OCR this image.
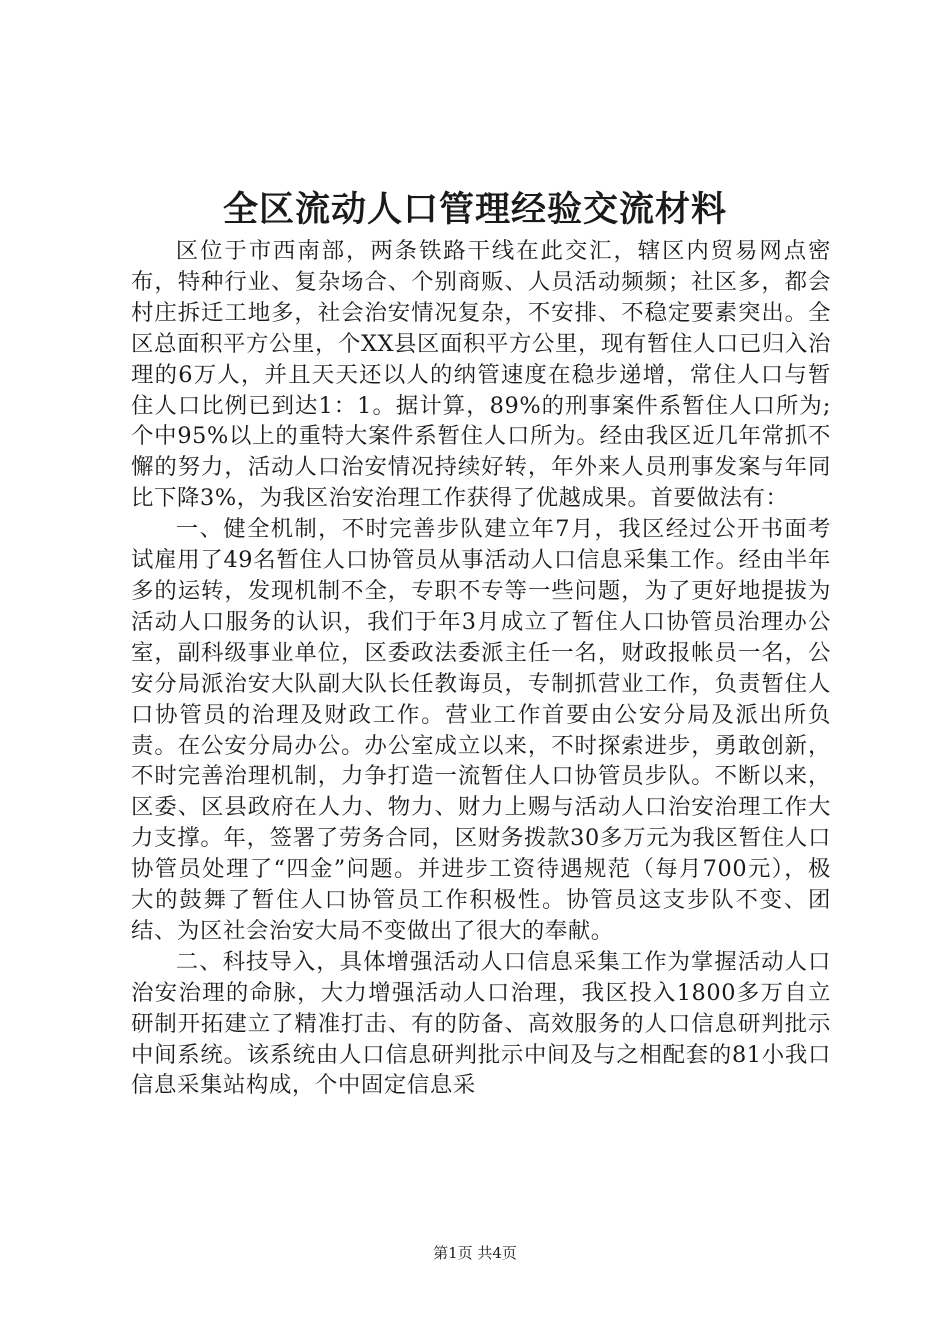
全区流动人口管理经验交流材料

区位于市西南部，两条铁路干线在此交汇，辖区内贸易网点密布，特种行业、复杂场合、个别商贩、人员活动频频；社区多，都会村庄拆迁工地多，社会治安情况复杂，不安排、不稳定要素突出。全区总面积平方公里，个XX县区面积平方公里，现有暂住人口已归入治理的6万人，并且天天还以人的纳管速度在稳步递增，常住人口与暂住人口比例已到达1：1。据计算，89%的刑事案件系暂住人口所为;个中95%以上的重特大案件系暂住人口所为。经由我区近几年常抓不懈的努力，活动人口治安情况持续好转，年外来人员刑事发案与年同比下降3%，为我区治安治理工作获得了优越成果。首要做法有：

一、健全机制，不时完善步队建立年7月，我区经过公开书面考试雇用了49名暂住人口协管员从事活动人口信息采集工作。经由半年多的运转，发现机制不全，专职不专等一些问题，为了更好地提拔为活动人口服务的认识，我们于年3月成立了暂住人口协管员治理办公室，副科级事业单位，区委政法委派主任一名，财政报帐员一名，公安分局派治安大队副大队长任教诲员，专制抓营业工作，负责暂住人口协管员的治理及财政工作。营业工作首要由公安分局及派出所负责。在公安分局办公。办公室成立以来，不时探索进步，勇敢创新，不时完善治理机制，力争打造一流暂住人口协管员步队。不断以来，区委、区县政府在人力、物力、财力上赐与活动人口治安治理工作大力支撑。年，签署了劳务合同，区财务拨款30多万元为我区暂住人口协管员处理了“四金”问题。并进步工资待遇规范（每月700元），极大的鼓舞了暂住人口协管员工作积极性。协管员这支步队不变、团结、为区社会治安大局不变做出了很大的奉献。

二、科技导入，具体增强活动人口信息采集工作为掌握活动人口治安治理的命脉，大力增强活动人口治理，我区投入1800多万自立研制开拓建立了精准打击、有的防备、高效服务的人口信息研判批示中间系统。该系统由人口信息研判批示中间及与之相配套的81小我口信息采集站构成，个中固定信息采

第1页 共4页
